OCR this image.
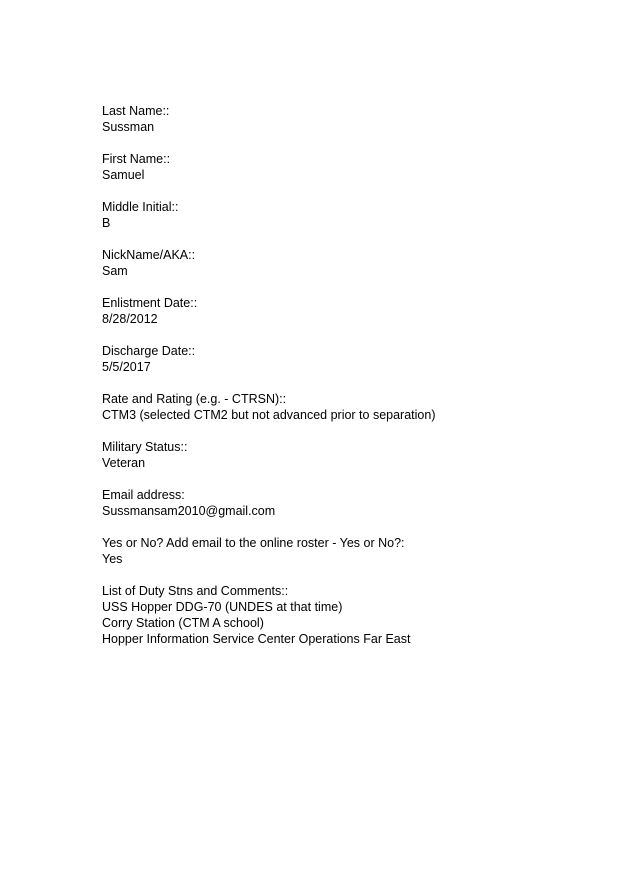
Last Name::
Sussman
First Name::
Samuel
Middle Initial::
B
NickName/AKA::
Sam
Enlistment Date::
8/28/2012
Discharge Date::
5/5/2017
Rate and Rating (e.g. - CTRSN)::
CTM3 (selected CTM2 but not advanced prior to separation)
Military Status::
Veteran
Email address:
Sussmansam2010@gmail.com
Yes or No? Add email to the online roster - Yes or No?:
Yes
List of Duty Stns and Comments::
USS Hopper DDG-70 (UNDES at that time)
Corry Station (CTM A school)
Hopper Information Service Center Operations Far East
